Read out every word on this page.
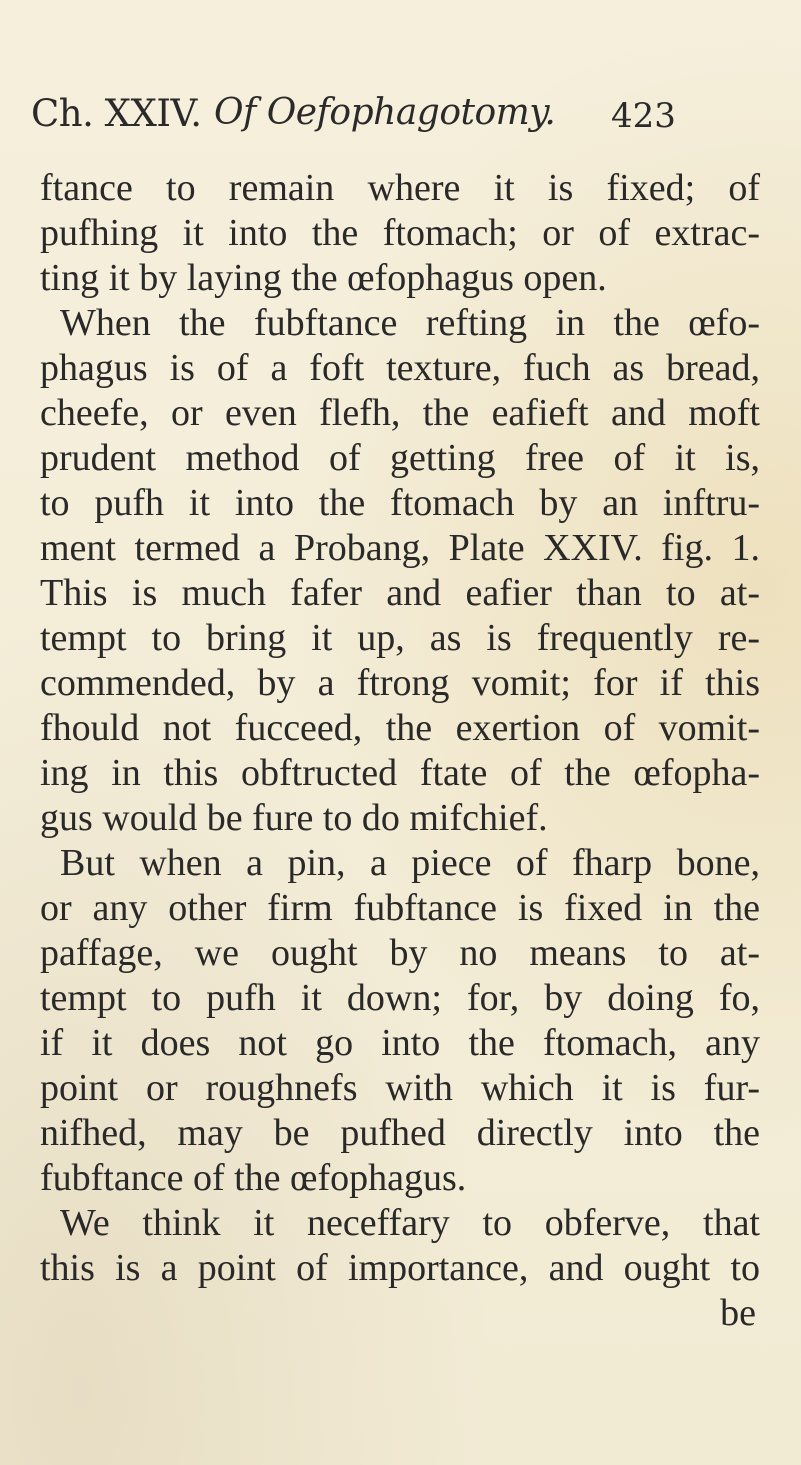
Ch. XXIV. Of Oefophagotomy. 423
ftance to remain where it is fixed; of
pufhing it into the ftomach; or of extrac-
ting it by laying the œfophagus open.
When the fubftance refting in the œfo-
phagus is of a foft texture, fuch as bread,
cheefe, or even flefh, the eafieft and moft
prudent method of getting free of it is,
to pufh it into the ftomach by an inftru-
ment termed a Probang, Plate XXIV. fig. 1.
This is much fafer and eafier than to at-
tempt to bring it up, as is frequently re-
commended, by a ftrong vomit; for if this
fhould not fucceed, the exertion of vomit-
ing in this obftructed ftate of the œfopha-
gus would be fure to do mifchief.
But when a pin, a piece of fharp bone,
or any other firm fubftance is fixed in the
paffage, we ought by no means to at-
tempt to pufh it down; for, by doing fo,
if it does not go into the ftomach, any
point or roughnefs with which it is fur-
nifhed, may be pufhed directly into the
fubftance of the œfophagus.
We think it neceffary to obferve, that
this is a point of importance, and ought to
be
